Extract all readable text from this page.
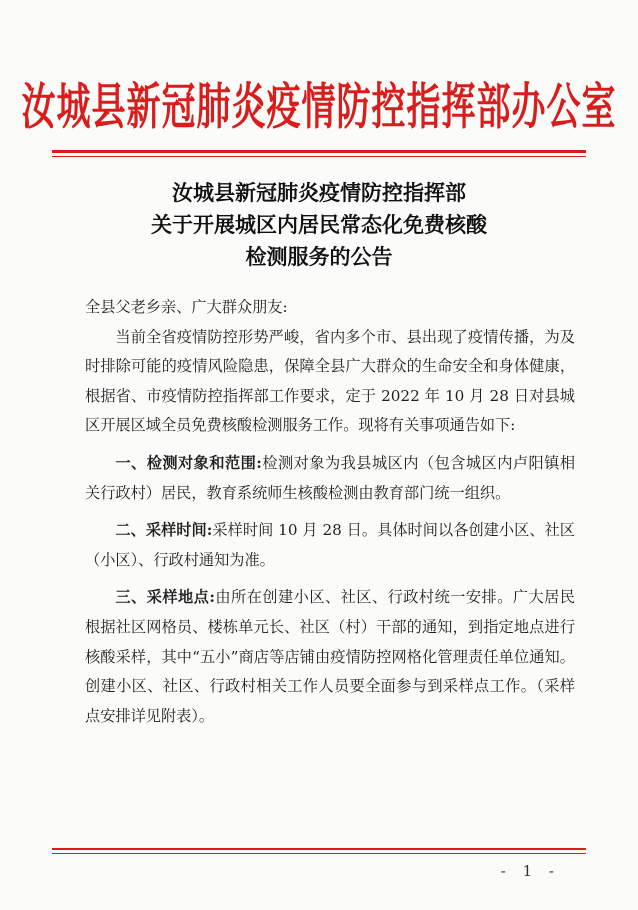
汝城县新冠肺炎疫情防控指挥部办公室
汝城县新冠肺炎疫情防控指挥部
关于开展城区内居民常态化免费核酸
检测服务的公告

全县父老乡亲、广大群众朋友:

当前全省疫情防控形势严峻，省内多个市、县出现了疫情传播，为及时排除可能的疫情风险隐患，保障全县广大群众的生命安全和身体健康，根据省、市疫情防控指挥部工作要求，定于 2022 年 10 月 28 日对县城区开展区域全员免费核酸检测服务工作。现将有关事项通告如下:

一、检测对象和范围:检测对象为我县城区内（包含城区内卢阳镇相关行政村）居民，教育系统师生核酸检测由教育部门统一组织。

二、采样时间:采样时间 10 月 28 日。具体时间以各创建小区、社区（小区）、行政村通知为准。

三、采样地点:由所在创建小区、社区、行政村统一安排。广大居民根据社区网格员、楼栋单元长、社区（村）干部的通知，到指定地点进行核酸采样，其中“五小”商店等店铺由疫情防控网格化管理责任单位通知。创建小区、社区、行政村相关工作人员要全面参与到采样点工作。（采样点安排详见附表）。

- 1 -
